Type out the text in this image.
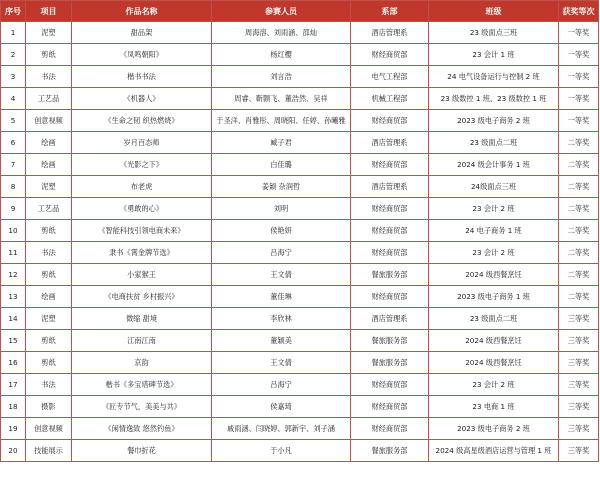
序号	项目	作品名称	参赛人员	系部	班级	获奖等次
1	泥塑	甜品架	周海溶、刘雨涵、邵灿	酒店管理系	23 级面点三班	一等奖
2	剪纸	《凤鸣朝阳》	杨红樱	财经商贸部	23 会计 1 班	一等奖
3	书法	楷书书法	刘言浩	电气工程部	24 电气设备运行与控制 2 班	一等奖
4	工艺品	《机器人》	周睿、靳颢飞、董浩然、吴祥	机械工程部	23 级数控 1 班、23 级数控 1 班	一等奖
5	创意视频	《生命之韧 织热燃烧》	于圣洋、肖雅彤、周晓阳、任婷、孙曦雅	财经商贸部	2023 级电子商务 2 班	一等奖
6	绘画	岁月百态师	臧子君	酒店管理系	23 级面点二班	二等奖
7	绘画	《光影之下》	白佳璐	财经商贸部	2024 级会计事务 1 班	二等奖
8	泥塑	布老虎	姜颖 杂润哲	酒店管理系	24级面点三班	二等奖
9	工艺品	《勇敢的心》	刘明	财经商贸部	23 会计 2 班	二等奖
10	剪纸	《智能科技引领电商未来》	侯艳妍	财经商贸部	24 电子商务 1 班	二等奖
11	书法	隶书《霄金牌节选》	吕海宁	财经商贸部	23 会计 2 班	二等奖
12	剪纸	小家猴王	王文倩	餐旅服务部	2024 级西餐烹饪	二等奖
13	绘画	《电商扶贫 乡村振兴》	董佳琳	财经商贸部	2023 级电子商务 1 班	二等奖
14	泥塑	微缩 甜境	李欣林	酒店管理系	23 级面点二班	三等奖
15	剪纸	江南江南	董颖美	餐旅服务部	2024 级西餐烹饪	三等奖
16	剪纸	京韵	王文倩	餐旅服务部	2024 级西餐烹饪	三等奖
17	书法	楷书《多宝塔碑节选》	吕海宁	财经商贸部	23 会计 2 班	三等奖
18	摄影	《匠专节气，美美与共》	侯嘉琦	财经商贸部	23 电商 1 班	三等奖
19	创意视频	《闲情逸致 悠然钓鱼》	戚雨涵、闫晓婷、郭新宇、刘子涵	财经商贸部	2023 级电子商务 2 班	三等奖
20	技能展示	餐巾折花	于小凡	餐旅服务部	2024 级高星级酒店运营与管理 1 班	三等奖
